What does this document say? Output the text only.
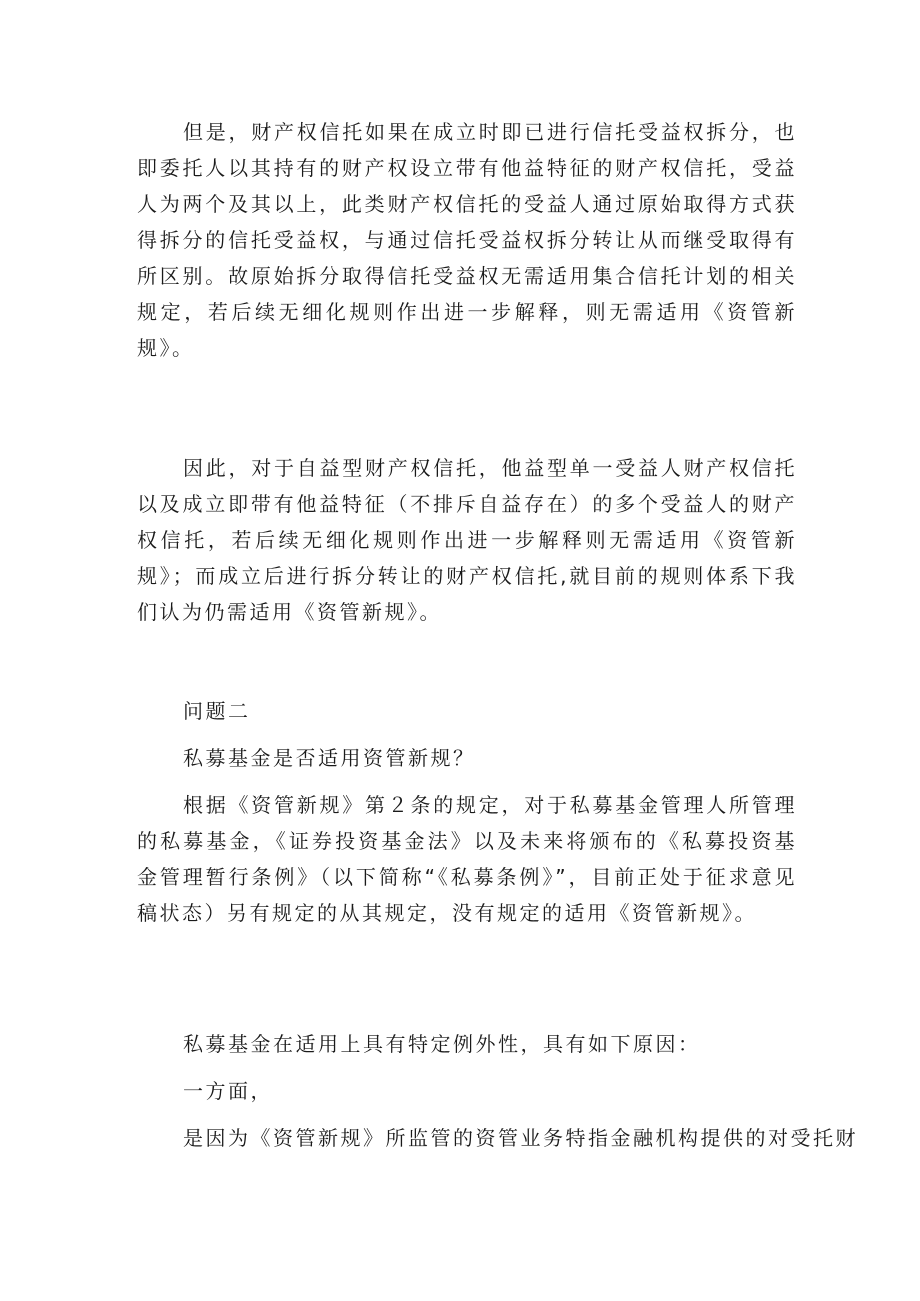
但是，财产权信托如果在成立时即已进行信托受益权拆分，也即委托人以其持有的财产权设立带有他益特征的财产权信托，受益人为两个及其以上，此类财产权信托的受益人通过原始取得方式获得拆分的信托受益权，与通过信托受益权拆分转让从而继受取得有所区别。故原始拆分取得信托受益权无需适用集合信托计划的相关规定，若后续无细化规则作出进一步解释，则无需适用《资管新规》。

因此，对于自益型财产权信托，他益型单一受益人财产权信托以及成立即带有他益特征（不排斥自益存在）的多个受益人的财产权信托，若后续无细化规则作出进一步解释则无需适用《资管新规》；而成立后进行拆分转让的财产权信托,就目前的规则体系下我们认为仍需适用《资管新规》。

问题二

私募基金是否适用资管新规？

根据《资管新规》第２条的规定，对于私募基金管理人所管理的私募基金，《证券投资基金法》以及未来将颁布的《私募投资基金管理暂行条例》（以下简称“《私募条例》”，目前正处于征求意见稿状态）另有规定的从其规定，没有规定的适用《资管新规》。

私募基金在适用上具有特定例外性，具有如下原因：

一方面，

是因为《资管新规》所监管的资管业务特指金融机构提供的对受托财
